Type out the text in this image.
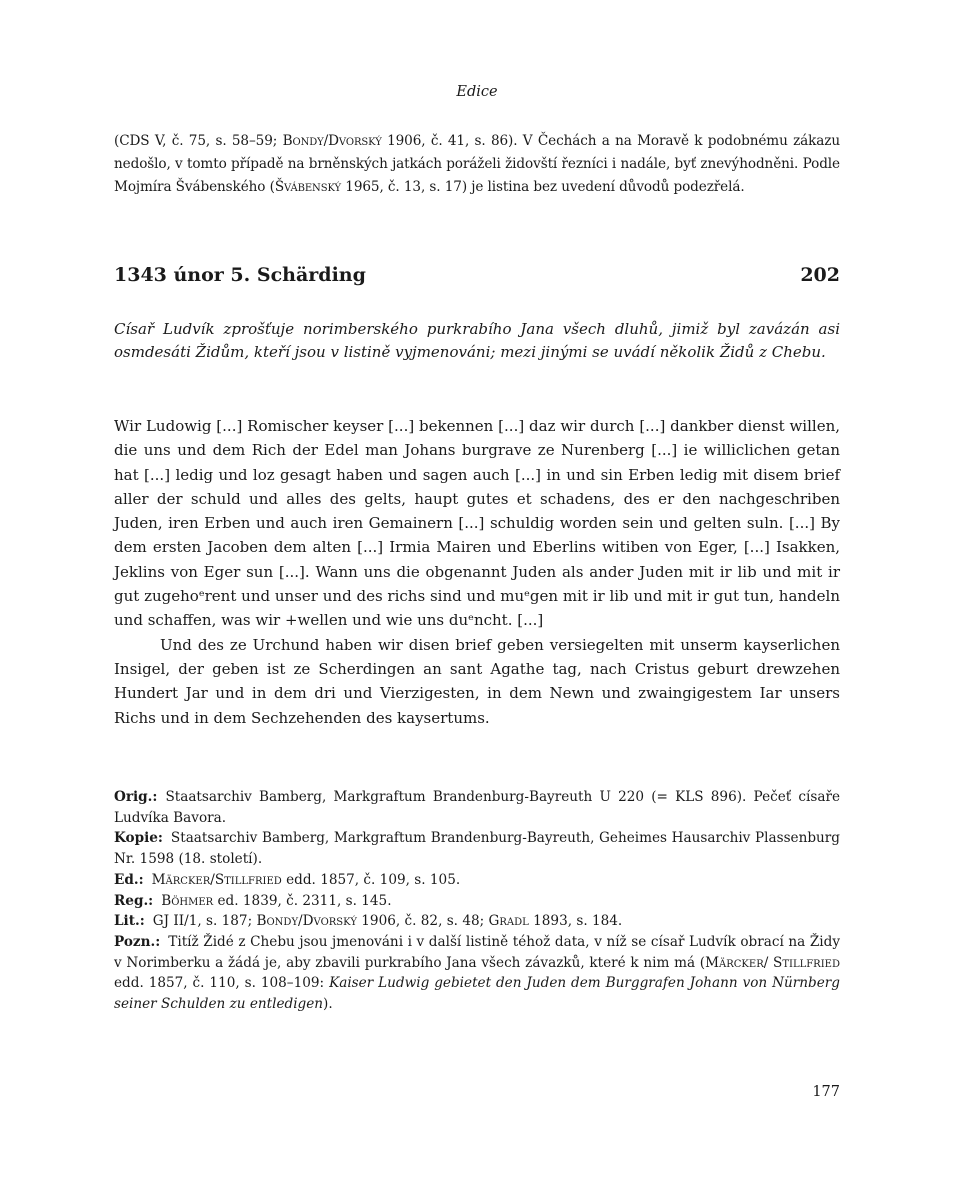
Edice
(CDS V, č. 75, s. 58–59; Bondy/Dvorský 1906, č. 41, s. 86). V Čechách a na Moravě k podobnému zákazu nedošlo, v tomto případě na brněnských jatkách poráželi židovští řezníci i nadále, byť znevýhodněni. Podle Mojmíra Švábenského (Švábenský 1965, č. 13, s. 17) je listina bez uvedení důvodů podezřelá.
1343 únor 5. Schärding	202
Císař Ludvík zprošťuje norimberského purkrabího Jana všech dluhů, jimiž byl zavázán asi osmdesáti Židům, kteří jsou v listině vyjmenováni; mezi jinými se uvádí několik Židů z Chebu.

Wir Ludowig [...] Romischer keyser [...] bekennen [...] daz wir durch [...] dankber dienst willen, die uns und dem Rich der Edel man Johans burgrave ze Nurenberg [...] ie williclichen getan hat [...] ledig und loz gesagt haben und sagen auch [...] in und sin Erben ledig mit disem brief aller der schuld und alles des gelts, haupt gutes et schadens, des er den nachgeschriben Juden, iren Erben und auch iren Gemainern [...] schuldig worden sein und gelten suln. [...] By dem ersten Jacoben dem alten [...] Irmia Mairen und Eberlins witiben von Eger, [...] Isakken, Jeklins von Eger sun [...]. Wann uns die obgenannt Juden als ander Juden mit ir lib und mit ir gut zugehoᵉrent und unser und des richs sind und muᵉgen mit ir lib und mit ir gut tun, handeln und schaffen, was wir +wellen und wie uns duᵉncht. [...]

Und des ze Urchund haben wir disen brief geben versiegelten mit unserm kayserlichen Insigel, der geben ist ze Scherdingen an sant Agathe tag, nach Cristus geburt drewzehen Hundert Jar und in dem dri und Vierzigesten, in dem Newn und zwaingigestem Iar unsers Richs und in dem Sechzehenden des kaysertums.

Orig.: Staatsarchiv Bamberg, Markgraftum Brandenburg-Bayreuth U 220 (= KLS 896). Pečeť císaře Ludvíka Bavora.

Kopie: Staatsarchiv Bamberg, Markgraftum Brandenburg-Bayreuth, Geheimes Hausarchiv Plassenburg Nr. 1598 (18. století).

Ed.: Märcker/Stillfried edd. 1857, č. 109, s. 105.

Reg.: Böhmer ed. 1839, č. 2311, s. 145.

Lit.: GJ II/1, s. 187; Bondy/Dvorský 1906, č. 82, s. 48; Gradl 1893, s. 184.

Pozn.: Titíž Židé z Chebu jsou jmenováni i v další listině téhož data, v níž se císař Ludvík obrací na Židy v Norimberku a žádá je, aby zbavili purkrabího Jana všech závazků, které k nim má (Märcker/ Stillfried edd. 1857, č. 110, s. 108–109: Kaiser Ludwig gebietet den Juden dem Burggrafen Johann von Nürnberg seiner Schulden zu entledigen).

177
